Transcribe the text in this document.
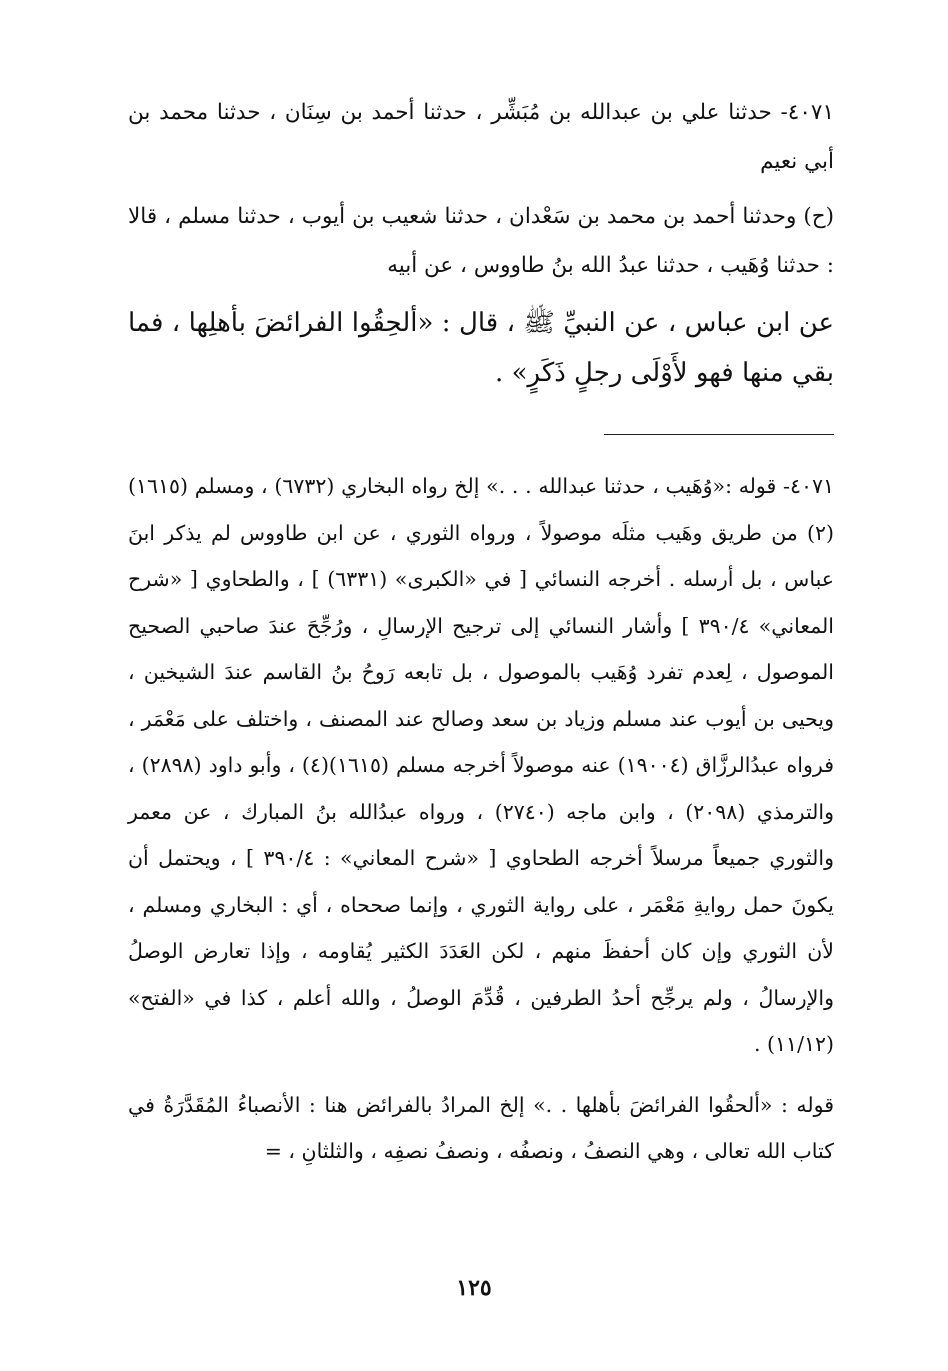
٤٠٧١- حدثنا علي بن عبدالله بن مُبَشِّر ، حدثنا أحمد بن سِنَان ، حدثنا محمد بن أبي نعيم

(ح) وحدثنا أحمد بن محمد بن سَعْدان ، حدثنا شعيب بن أيوب ، حدثنا مسلم ، قالا : حدثنا وُهَيب ، حدثنا عبدُ الله بنُ طاووس ، عن أبيه

عن ابن عباس ، عن النبيِّ ﷺ ، قال : «ألحِقُوا الفرائضَ بأهلِها ، فما بقي منها فهو لأَوْلَى رجلٍ ذَكَرٍ» .

٤٠٧١- قوله :«وُهَيب ، حدثنا عبدالله . . .» إلخ رواه البخاري (٦٧٣٢) ، ومسلم (١٦١٥)(٢) من طريق وهَيب مثلَه موصولاً ، ورواه الثوري ، عن ابن طاووس لم يذكر ابنَ عباس ، بل أرسله . أخرجه النسائي [ في «الكبرى» (٦٣٣١) ] ، والطحاوي [ «شرح المعاني» ٣٩٠/٤ ] وأشار النسائي إلى ترجيح الإرسالِ ، ورُجِّحَ عندَ صاحبي الصحيح الموصول ، لِعدم تفرد وُهَيب بالموصول ، بل تابعه رَوحُ بنُ القاسم عندَ الشيخين ، ويحيى بن أيوب عند مسلم وزياد بن سعد وصالح عند المصنف ، واختلف على مَعْمَر ، فرواه عبدُالرزَّاق (١٩٠٠٤) عنه موصولاً أخرجه مسلم (١٦١٥)(٤) ، وأبو داود (٢٨٩٨) ، والترمذي (٢٠٩٨) ، وابن ماجه (٢٧٤٠) ، ورواه عبدُالله بنُ المبارك ، عن معمر والثوري جميعاً مرسلاً أخرجه الطحاوي [ «شرح المعاني» : ٣٩٠/٤ ] ، ويحتمل أن يكونَ حمل روايةِ مَعْمَر ، على رواية الثوري ، وإنما صححاه ، أي : البخاري ومسلم ، لأن الثوري وإن كان أحفظَ منهم ، لكن العَدَدَ الكثير يُقاومه ، وإذا تعارض الوصلُ والإرسالُ ، ولم يرجِّح أحدُ الطرفين ، قُدِّمَ الوصلُ ، والله أعلم ، كذا في «الفتح» (١١/١٢) .

قوله : «ألحقُوا الفرائضَ بأهلها . .» إلخ المرادُ بالفرائض هنا : الأنصباءُ المُقَدَّرَةُ في كتاب الله تعالى ، وهي النصفُ ، ونصفُه ، ونصفُ نصفِه ، والثلثانِ ، =

١٢٥
